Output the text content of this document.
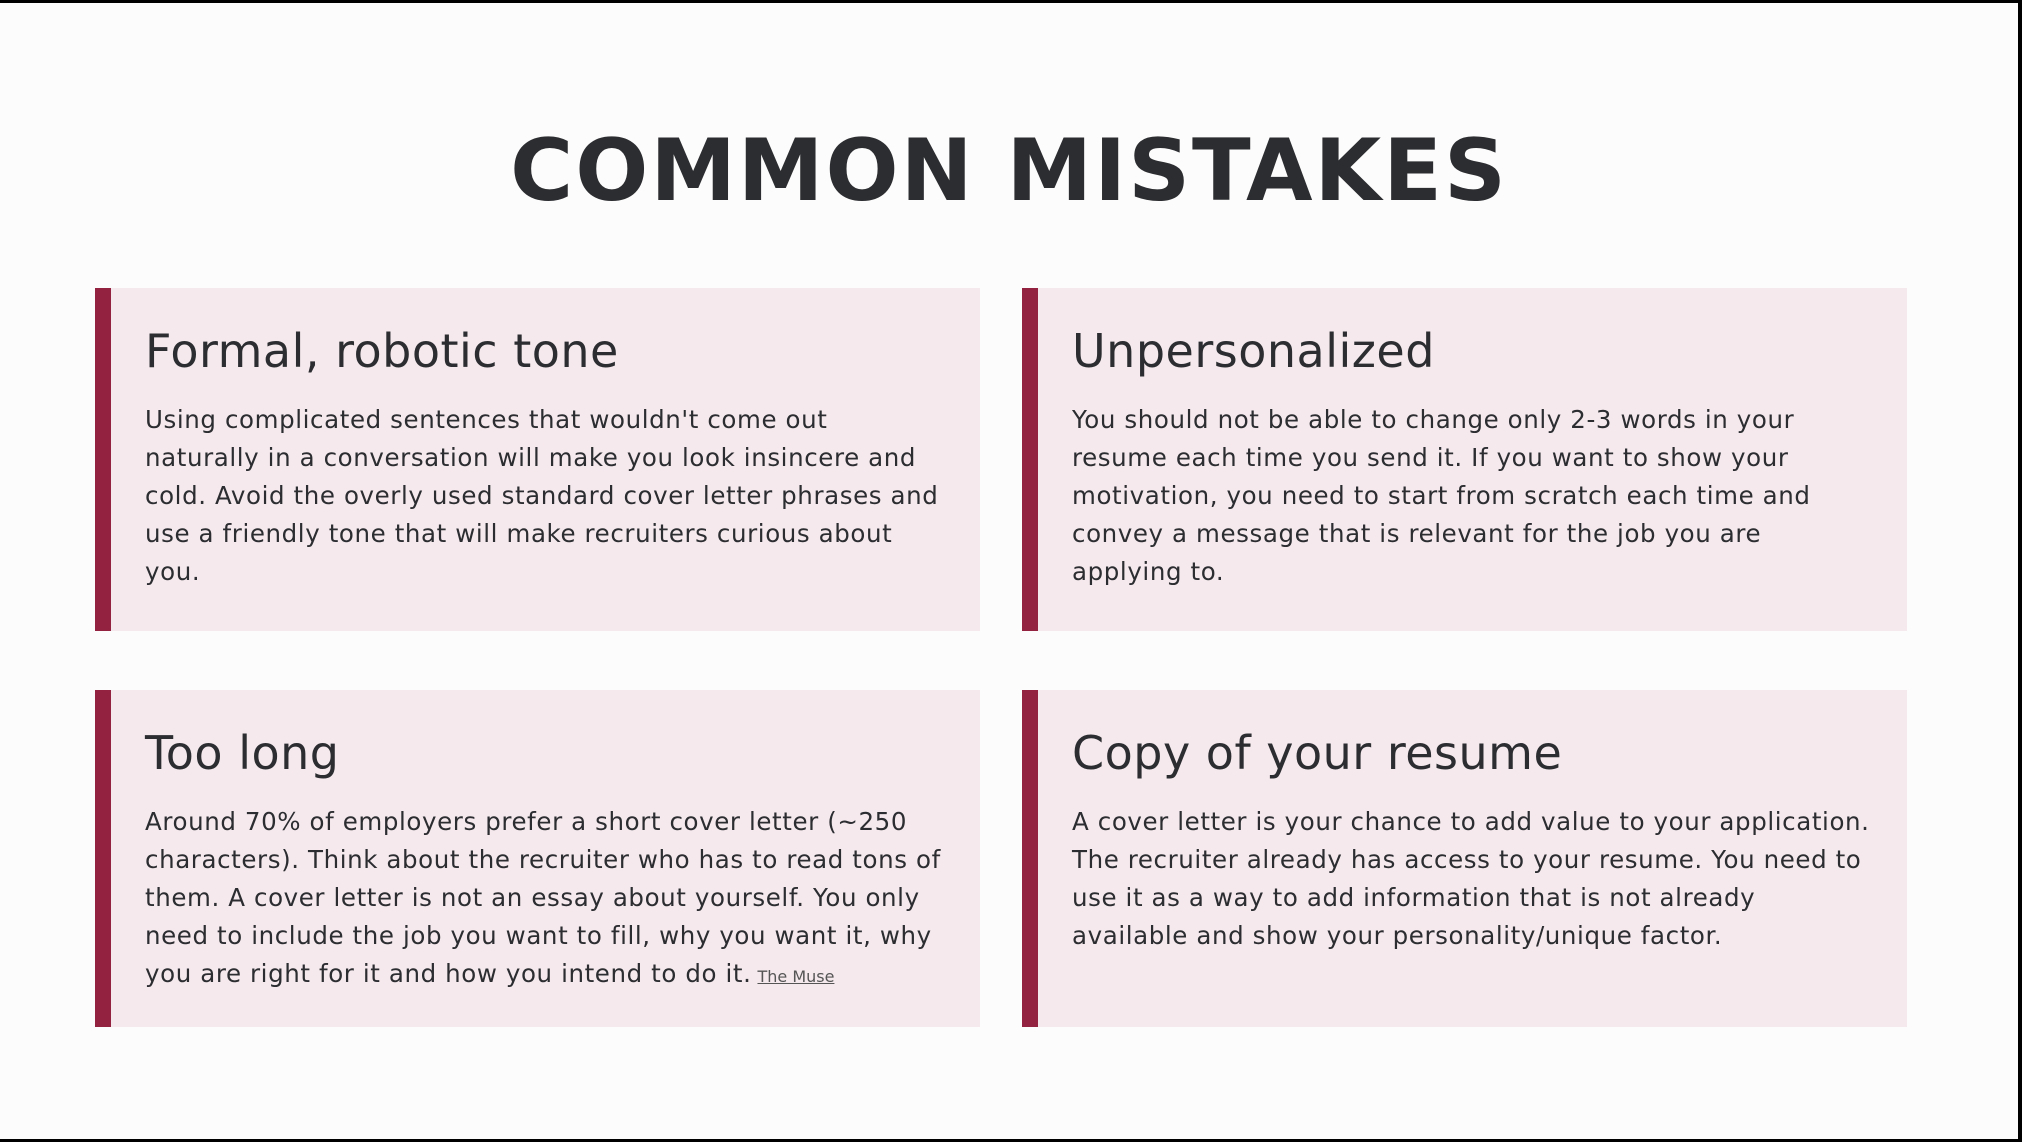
COMMON MISTAKES
Formal, robotic tone

Using complicated sentences that wouldn't come out naturally in a conversation will make you look insincere and cold. Avoid the overly used standard cover letter phrases and use a friendly tone that will make recruiters curious about you.

Unpersonalized

You should not be able to change only 2-3 words in your resume each time you send it. If you want to show your motivation, you need to start from scratch each time and convey a message that is relevant for the job you are applying to.

Too long

Around 70% of employers prefer a short cover letter (~250 characters). Think about the recruiter who has to read tons of them. A cover letter is not an essay about yourself. You only need to include the job you want to fill, why you want it, why you are right for it and how you intend to do it. The Muse

Copy of your resume

A cover letter is your chance to add value to your application. The recruiter already has access to your resume. You need to use it as a way to add information that is not already available and show your personality/unique factor.
